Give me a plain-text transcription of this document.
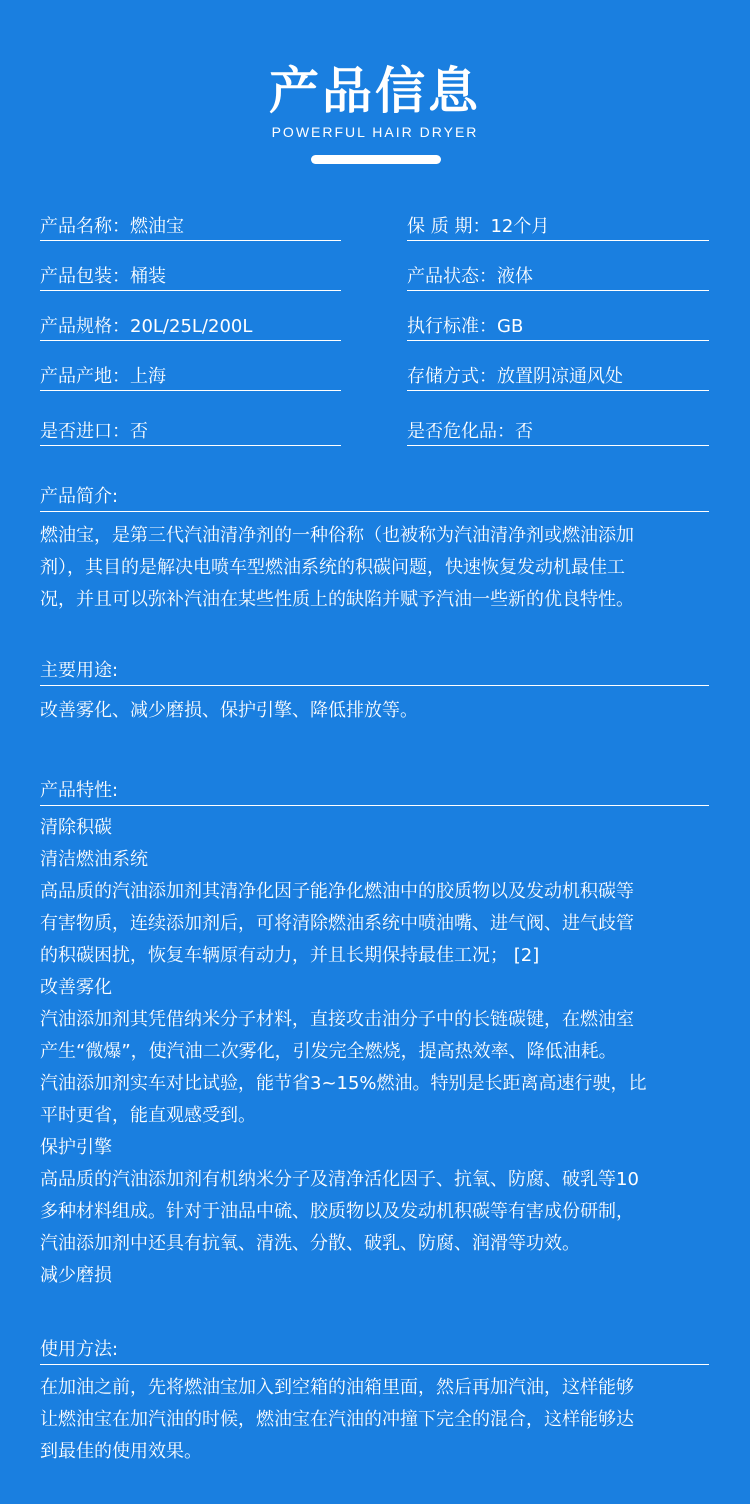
产品信息
POWERFUL HAIR DRYER
产品名称：燃油宝
产品包装：桶装
产品规格：20L/25L/200L
产品产地：上海
是否进口：否
保 质 期：12个月
产品状态：液体
执行标准：GB
存储方式：放置阴凉通风处
是否危化品：否
产品简介:
燃油宝，是第三代汽油清净剂的一种俗称（也被称为汽油清净剂或燃油添加
剂），其目的是解决电喷车型燃油系统的积碳问题，快速恢复发动机最佳工
况，并且可以弥补汽油在某些性质上的缺陷并赋予汽油一些新的优良特性。
主要用途:
改善雾化、减少磨损、保护引擎、降低排放等。
产品特性:
清除积碳
清洁燃油系统
高品质的汽油添加剂其清净化因子能净化燃油中的胶质物以及发动机积碳等
有害物质，连续添加剂后，可将清除燃油系统中喷油嘴、进气阀、进气歧管
的积碳困扰，恢复车辆原有动力，并且长期保持最佳工况； [2]
改善雾化
汽油添加剂其凭借纳米分子材料，直接攻击油分子中的长链碳键，在燃油室
产生“微爆”，使汽油二次雾化，引发完全燃烧，提高热效率、降低油耗。
汽油添加剂实车对比试验，能节省3~15%燃油。特别是长距离高速行驶，比
平时更省，能直观感受到。
保护引擎
高品质的汽油添加剂有机纳米分子及清净活化因子、抗氧、防腐、破乳等10
多种材料组成。针对于油品中硫、胶质物以及发动机积碳等有害成份研制，
汽油添加剂中还具有抗氧、清洗、分散、破乳、防腐、润滑等功效。
减少磨损
使用方法:
在加油之前，先将燃油宝加入到空箱的油箱里面，然后再加汽油，这样能够
让燃油宝在加汽油的时候，燃油宝在汽油的冲撞下完全的混合，这样能够达
到最佳的使用效果。
